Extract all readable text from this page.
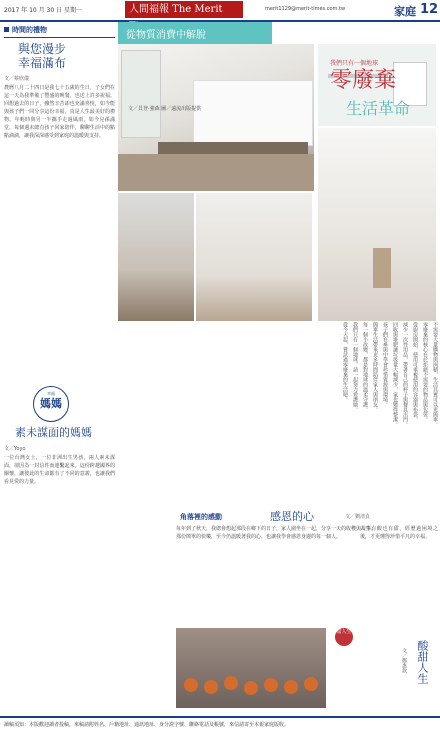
2017 年 10 月 30 日 星期一	人間福報 The Merit	merit1129@merit-times.com.tw	家庭 12
時間的禮物
與您漫步
幸福滿布
文／蔡欣儀
農曆八月二十四日是我七十五歲的生日，子女們在這一天為我準備了豐盛的晚餐，也送上許多祝福。回想過去的日子，雖然辛苦卻也充滿喜悅，如今能與孩子們一同分享這份幸福，真是人生最美好的禮物。年輕時與另一半攜手走過風雨，如今兒孫滿堂，每個週末總有孩子回家陪伴，聊聊生活中的點點滴滴，讓我深深感受到家庭的溫暖與支持。
幸福
媽媽
素未謀面的媽媽
文／Yoyo
一位台灣女士，一位非洲出生男孩，兩人素未謀面，卻因為一封信件而連繫起來。這份跨越國界的關懷，讓彼此的生命都有了不同的意義，也讓我們看見愛的力量。
從物質消費中解脫
文／貝登·強森 圖／遠流出版提供
我們只有一個地球
零廢棄
生活革命
不需要大量購物與囤積，生活其實可以更簡單。
零廢棄的核心在於拒絕不需要的物品與包裝。
從廚房開始，使用可重複使用的容器與布袋。
減少一次性用品，帶著自己的杯子與餐具出門。
回收與堆肥讓垃圾量大幅減少，家也變得整潔。
孩子們在參與中學會珍惜資源與環境。
簡單生活帶來更多時間陪伴家人與朋友。
每一個小改變，都是對地球的溫柔守護。
我們只有一個地球，請一起努力愛護她。
從今天起，嘗試過零廢棄的生活吧。
角落裡的感動	感恩的心	文／劉清貞
每年到了秋天，我總會想起那段在鄉下的日子，家人圍坐在一起，分享一天的收穫與故事。那份簡單的快樂，至今仍溫暖著我的心，也讓我學會感恩身邊的每一個人。
甜人生
人生有酸也有甜，經歷過困境之後，才更懂得珍惜平凡的幸福。
文／鄭惠欽 酸甜人生
讀稿須知：本版歡迎讀者投稿，來稿請附姓名、戶籍地址、通訊地址、身分證字號、聯絡電話及帳號，來信請寄至本報家庭版收。
